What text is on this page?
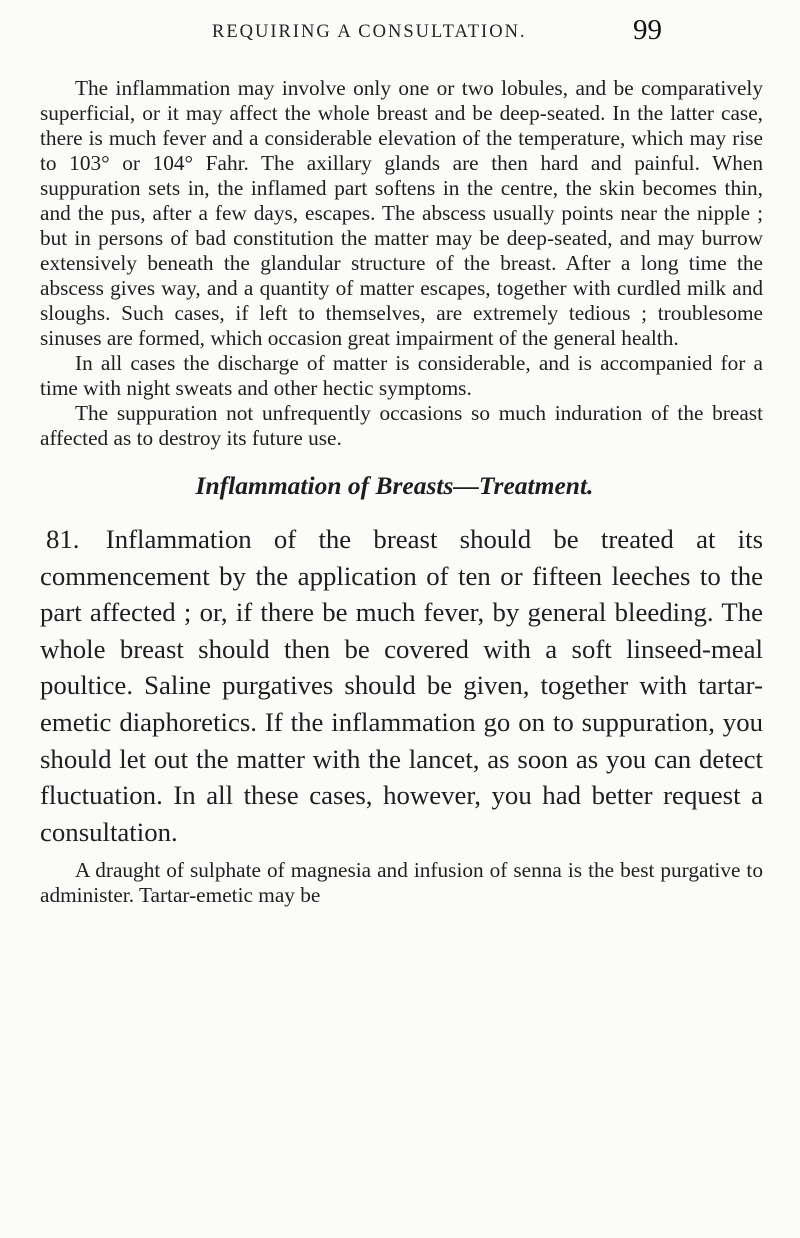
REQUIRING A CONSULTATION.	99

The inflammation may involve only one or two lobules, and be comparatively superficial, or it may affect the whole breast and be deep-seated. In the latter case, there is much fever and a considerable elevation of the temperature, which may rise to 103° or 104° Fahr. The axillary glands are then hard and painful. When suppuration sets in, the inflamed part softens in the centre, the skin becomes thin, and the pus, after a few days, escapes. The abscess usually points near the nipple ; but in persons of bad constitution the matter may be deep-seated, and may burrow extensively beneath the glandular structure of the breast. After a long time the abscess gives way, and a quantity of matter escapes, together with curdled milk and sloughs. Such cases, if left to themselves, are extremely tedious ; troublesome sinuses are formed, which occasion great impairment of the general health.

In all cases the discharge of matter is considerable, and is accompanied for a time with night sweats and other hectic symptoms.

The suppuration not unfrequently occasions so much induration of the breast affected as to destroy its future use.

Inflammation of Breasts—Treatment.

81. Inflammation of the breast should be treated at its commencement by the application of ten or fifteen leeches to the part affected ; or, if there be much fever, by general bleeding. The whole breast should then be covered with a soft linseed-meal poultice. Saline purgatives should be given, together with tartar-emetic diaphoretics. If the inflammation go on to suppuration, you should let out the matter with the lancet, as soon as you can detect fluctuation. In all these cases, however, you had better request a consultation.

A draught of sulphate of magnesia and infusion of senna is the best purgative to administer. Tartar-emetic may be
